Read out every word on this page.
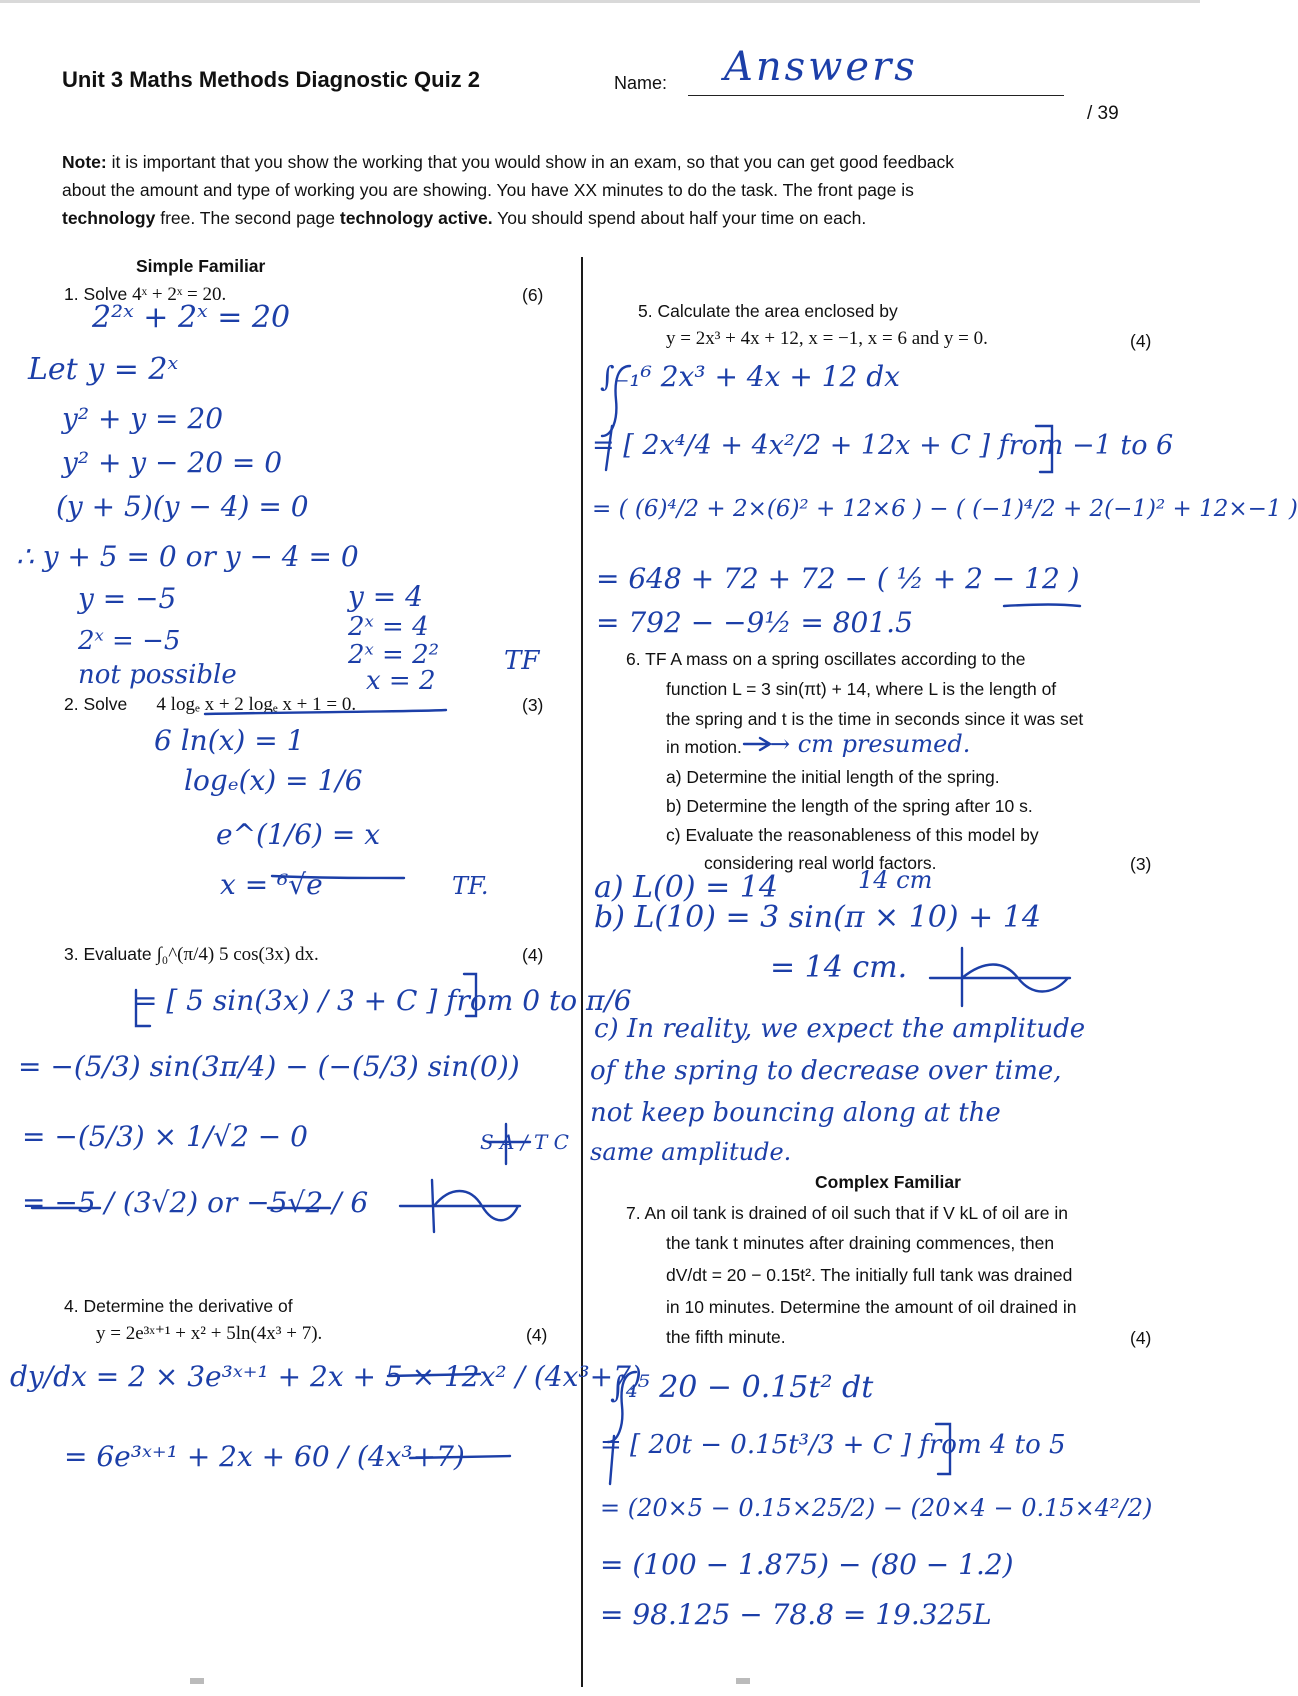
Unit 3 Maths Methods Diagnostic Quiz 2	Name: Answers
/ 39

Note: it is important that you show the working that you would show in an exam, so that you can get good feedback

about the amount and type of working you are showing. You have XX minutes to do the task. The front page is

technology free. The second page technology active. You should spend about half your time on each.

Simple Familiar
Complex Familiar
1. Solve 4ˣ + 2ˣ = 20.	(6)
2²ˣ + 2ˣ = 20
Let y = 2ˣ
y² + y = 20
y² + y − 20 = 0
(y + 5)(y − 4) = 0
∴ y + 5 = 0 or y − 4 = 0
y = −5	y = 4
2ˣ = −5	2ˣ = 4
not possible
2ˣ = 2²
x = 2
TF
2. Solve 4 logₑ x + 2 logₑ x + 1 = 0.	(3)
6 ln(x) = 1
logₑ(x) = 1/6
e^(1/6) = x
x = ⁶√e	TF.
3. Evaluate ∫₀^(π/4) 5 cos(3x) dx.	(4)
= [ 5 sin(3x) / 3 + C ] from 0 to π/6
= −(5/3) sin(3π/4) − (−(5/3) sin(0))
= −(5/3) × 1/√2 − 0
= −5 / (3√2) or −5√2 / 6
S A / T C
4. Determine the derivative of
y = 2e³ˣ⁺¹ + x² + 5ln(4x³ + 7).	(4)
dy/dx = 2 × 3e³ˣ⁺¹ + 2x + 5 × 12x² / (4x³+7)
= 6e³ˣ⁺¹ + 2x + 60 / (4x³+7)
5. Calculate the area enclosed by
y = 2x³ + 4x + 12, x = −1, x = 6 and y = 0.	(4)
∫₋₁⁶ 2x³ + 4x + 12 dx
= [ 2x⁴/4 + 4x²/2 + 12x + C ] from −1 to 6
= ( (6)⁴/2 + 2×(6)² + 12×6 ) − ( (−1)⁴/2 + 2(−1)² + 12×−1 )
= 648 + 72 + 72 − ( ½ + 2 − 12 )
= 792 − −9½ = 801.5
6. TF A mass on a spring oscillates according to the
function L = 3 sin(πt) + 14, where L is the length of
the spring and t is the time in seconds since it was set
in motion. → cm presumed.
a) Determine the initial length of the spring.
b) Determine the length of the spring after 10 s.
c) Evaluate the reasonableness of this model by
considering real world factors.	(3)
a) L(0) = 14	14 cm
b) L(10) = 3 sin(π × 10) + 14
= 14 cm.
c) In reality, we expect the amplitude
of the spring to decrease over time,
not keep bouncing along at the
same amplitude.
7. An oil tank is drained of oil such that if V kL of oil are in
the tank t minutes after draining commences, then
dV/dt = 20 − 0.15t². The initially full tank was drained
in 10 minutes. Determine the amount of oil drained in
the fifth minute.	(4)
∫₄⁵ 20 − 0.15t² dt
= [ 20t − 0.15t³/3 + C ] from 4 to 5
= (20×5 − 0.15×25/2) − (20×4 − 0.15×4²/2)
= (100 − 1.875) − (80 − 1.2)
= 98.125 − 78.8 = 19.325L
